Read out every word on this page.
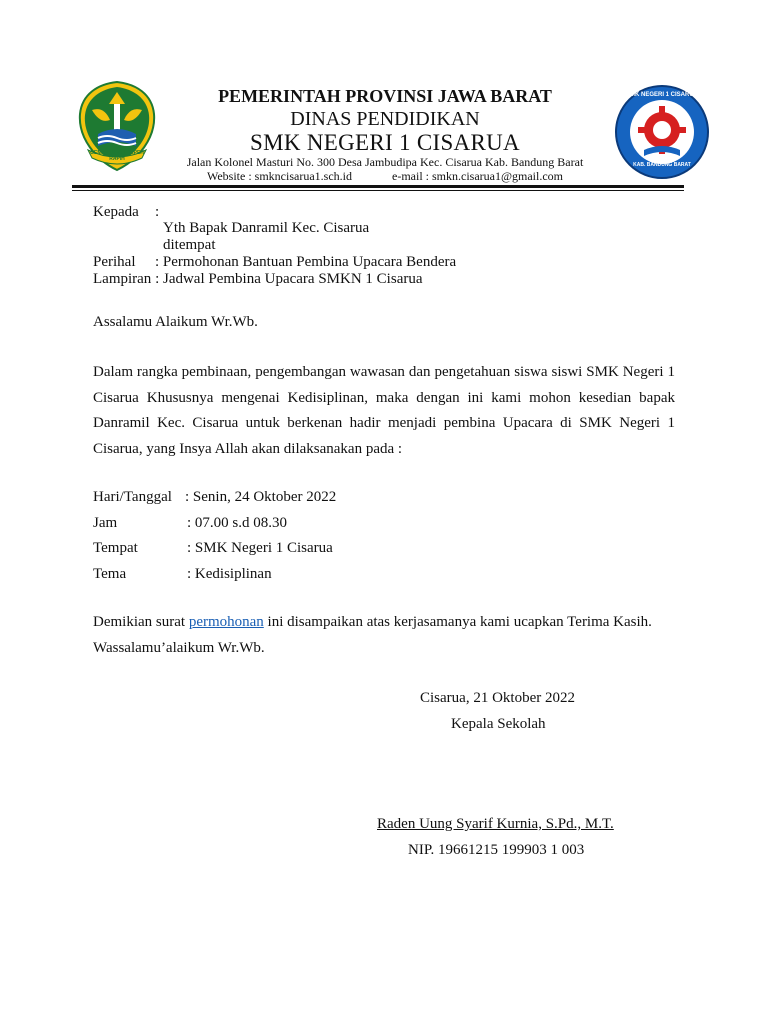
GEMAH RIPAH REPEH RAPIH
SMK NEGERI 1 CISARUA
KAB. BANDUNG BARAT
PEMERINTAH PROVINSI JAWA BARAT
DINAS PENDIDIKAN
SMK NEGERI 1 CISARUA
Jalan Kolonel Masturi No. 300 Desa Jambudipa Kec. Cisarua Kab. Bandung Barat
Website : smkncisarua1.sch.id	e-mail : smkn.cisarua1@gmail.com
Kepada :
Yth Bapak Danramil Kec. Cisarua
ditempat
Perihal : Permohonan Bantuan Pembina Upacara Bendera
Lampiran : Jadwal Pembina Upacara SMKN 1 Cisarua
Assalamu Alaikum Wr.Wb.
Dalam rangka pembinaan, pengembangan wawasan dan pengetahuan siswa siswi SMK Negeri 1 Cisarua Khususnya mengenai Kedisiplinan, maka dengan ini kami mohon kesedian bapak Danramil Kec. Cisarua untuk berkenan hadir menjadi pembina Upacara di SMK Negeri 1 Cisarua, yang Insya Allah akan dilaksanakan pada :
Hari/Tanggal : Senin, 24 Oktober 2022
Jam	: 07.00 s.d 08.30
Tempat	: SMK Negeri 1 Cisarua
Tema	: Kedisiplinan
Demikian surat permohonan ini disampaikan atas kerjasamanya kami ucapkan Terima Kasih.
Wassalamu’alaikum Wr.Wb.
Cisarua, 21 Oktober 2022
Kepala Sekolah
Raden Uung Syarif Kurnia, S.Pd., M.T.
NIP. 19661215 199903 1 003
